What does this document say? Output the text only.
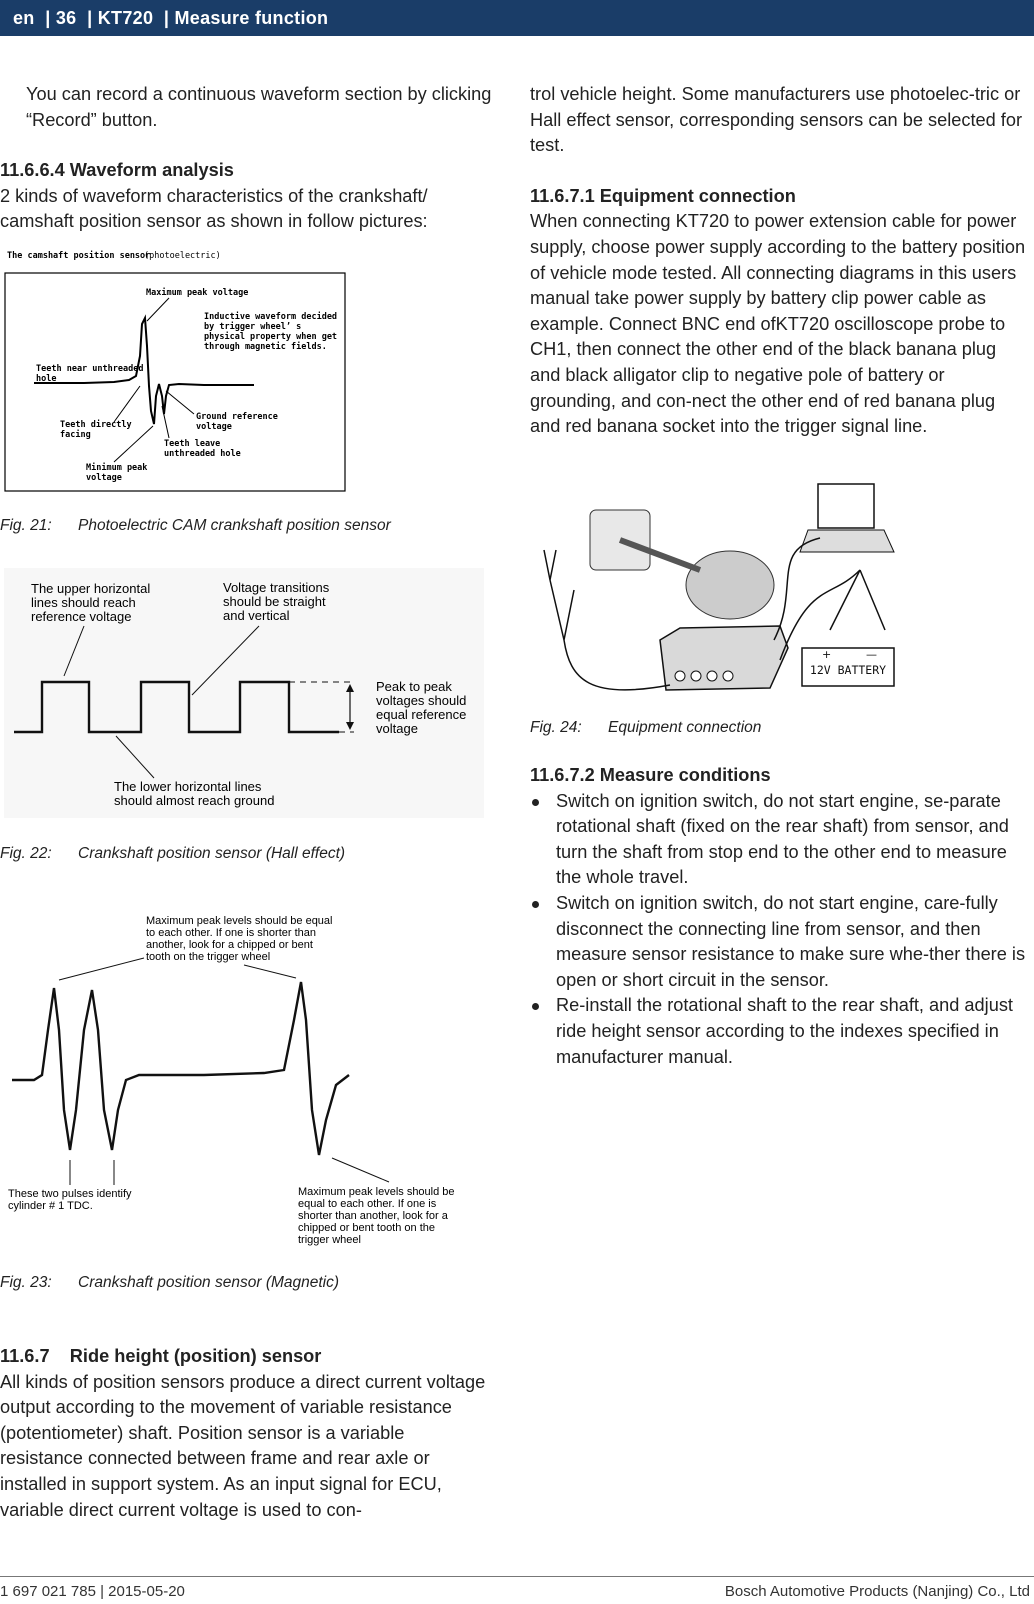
en  | 36  | KT720  | Measure function

You can record a continuous waveform section by clicking “Record” button.

11.6.6.4 Waveform analysis

2 kinds of waveform characteristics of the crankshaft/ camshaft position sensor as shown in follow pictures:

The camshaft position sensor
(photoelectric)
Maximum peak voltage
Inductive waveform decided
by trigger wheel’ s
physical property when get
through magnetic fields.
Teeth near unthreaded
hole
Ground reference
voltage
Teeth directly
facing
Teeth leave
unthreaded hole
Minimum peak
voltage
Fig. 21: Photoelectric CAM crankshaft position sensor
The upper horizontal
lines should reach
reference voltage
Voltage transitions
should be straight
and vertical
Peak to peak
voltages should
equal reference
voltage
The lower horizontal lines
should almost reach ground
Fig. 22: Crankshaft position sensor (Hall effect)
Maximum peak levels should be equal
to each other. If one is shorter than
another, look for a chipped or bent
tooth on the trigger wheel
These two pulses identify
cylinder # 1 TDC.
Maximum peak levels should be
equal to each other. If one is
shorter than another, look for a
chipped or bent tooth on the
trigger wheel
Fig. 23: Crankshaft position sensor (Magnetic)

11.6.7    Ride height (position) sensor

All kinds of position sensors produce a direct current voltage output according to the movement of variable resistance (potentiometer) shaft. Position sensor is a variable resistance connected between frame and rear axle or installed in support system. As an input signal for ECU, variable direct current voltage is used to con-

trol vehicle height. Some manufacturers use photoelec-tric or Hall effect sensor, corresponding sensors can be selected for test.

11.6.7.1 Equipment connection

When connecting KT720 to power extension cable for power supply, choose power supply according to the battery position of vehicle mode tested. All connecting diagrams in this users manual take power supply by battery clip power cable as example. Connect BNC end ofKT720 oscilloscope probe to CH1, then connect the other end of the black banana plug and black alligator clip to negative pole of battery or grounding, and con-nect the other end of red banana plug and red banana socket into the trigger signal line.

12V BATTERY
+	—
Fig. 24: Equipment connection

11.6.7.2 Measure conditions

Switch on ignition switch, do not start engine, se-parate rotational shaft (fixed on the rear shaft) from sensor, and turn the shaft from stop end to the other end to measure the whole travel.
Switch on ignition switch, do not start engine, care-fully disconnect the connecting line from sensor, and then measure sensor resistance to make sure whe-ther there is open or short circuit in the sensor.
Re-install the rotational shaft to the rear shaft, and adjust ride height sensor according to the indexes specified in manufacturer manual.
1 697 021 785 | 2015-05-20	Bosch Automotive Products (Nanjing) Co., Ltd
